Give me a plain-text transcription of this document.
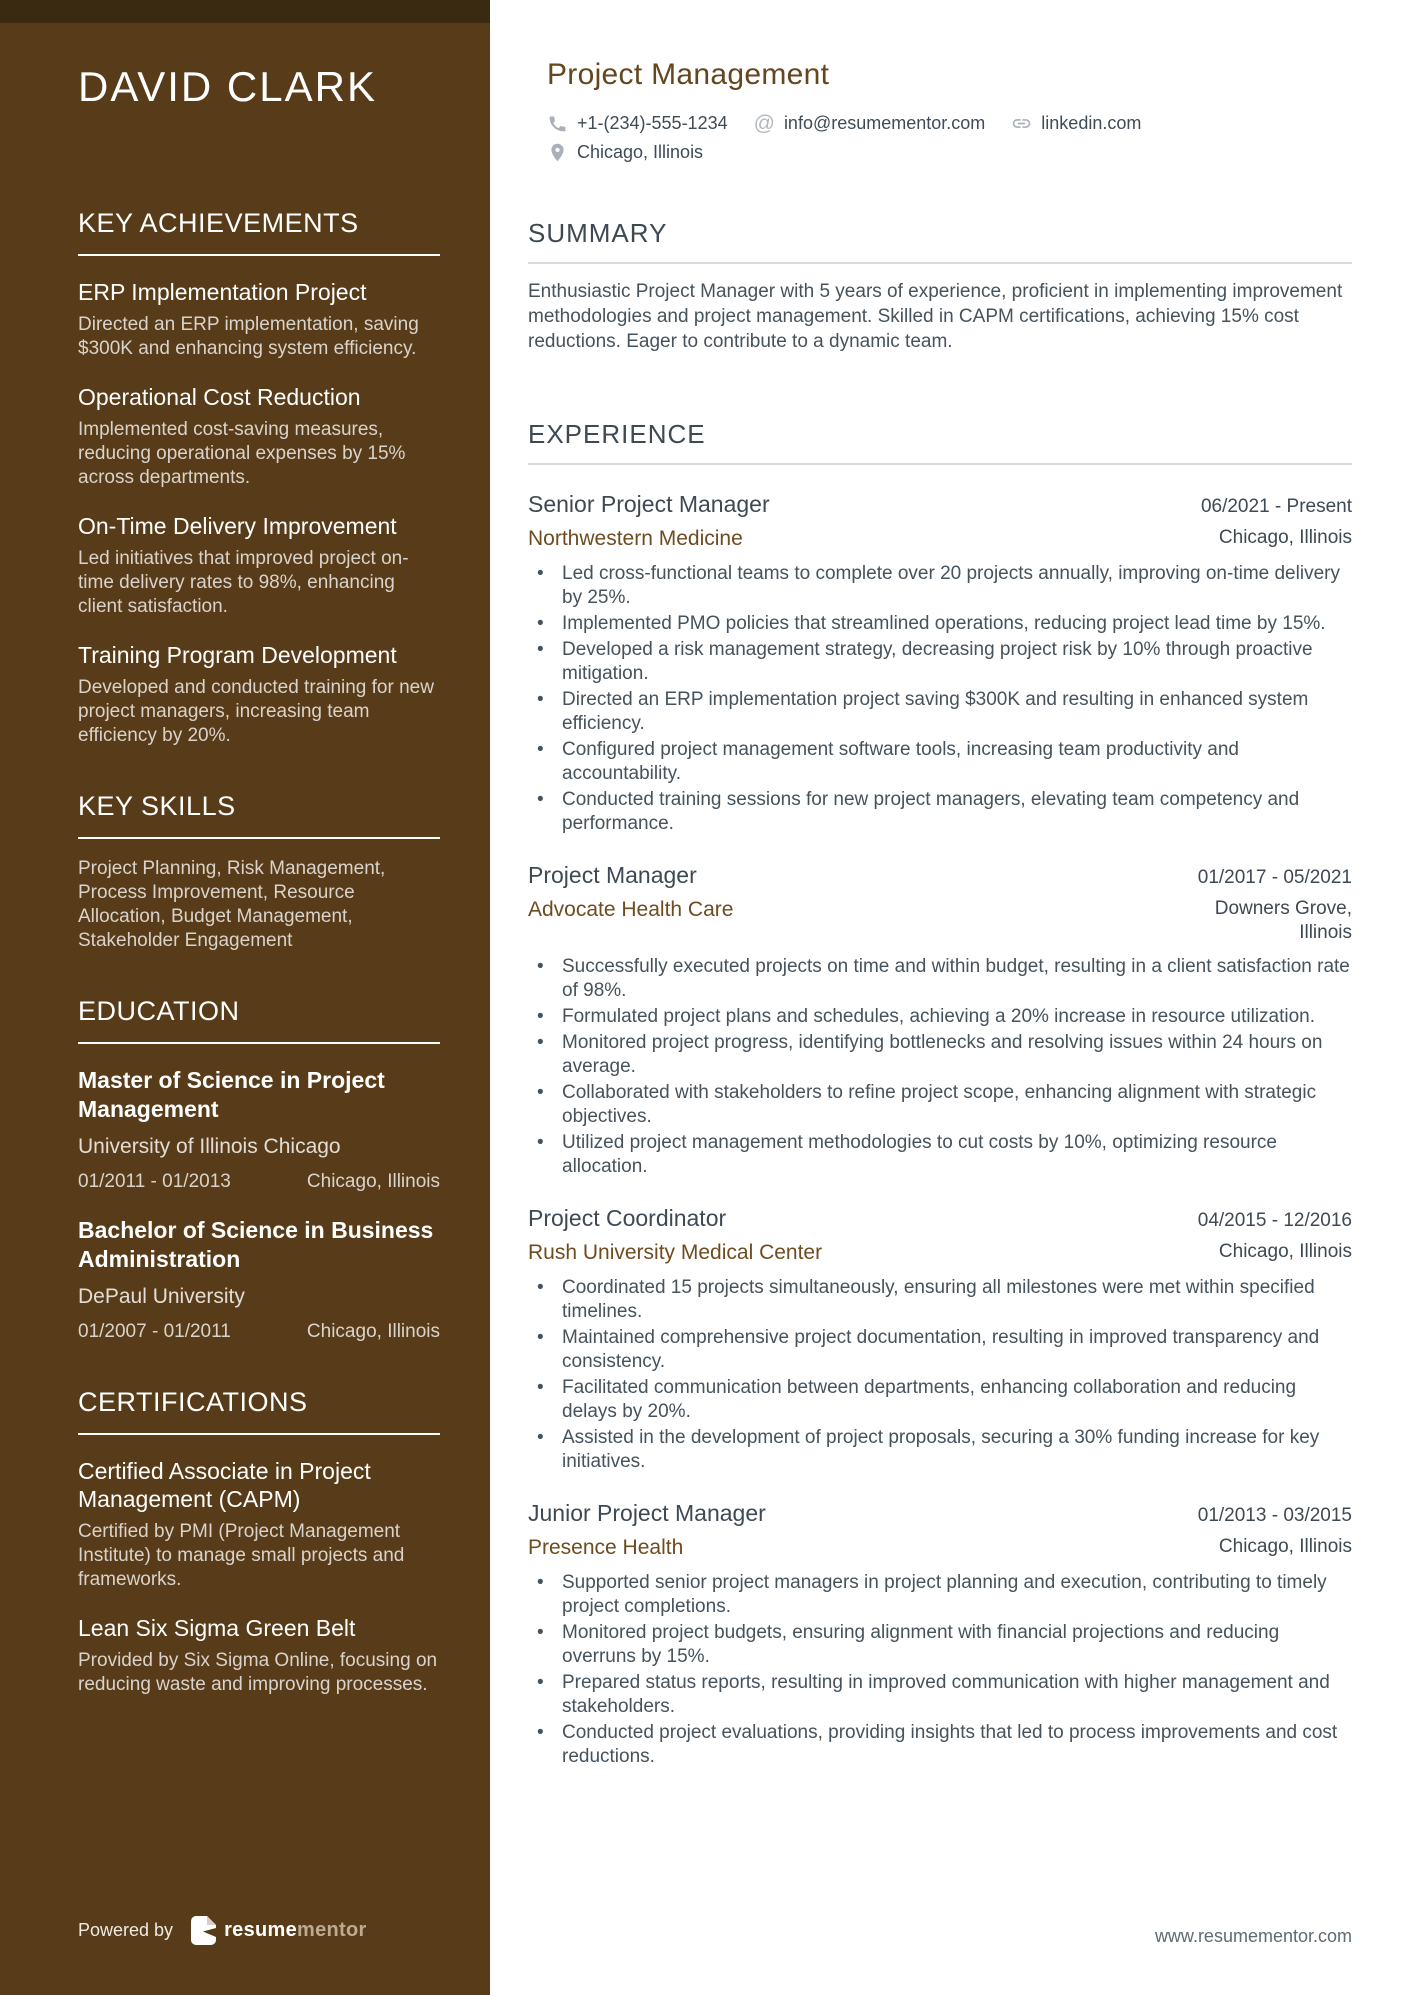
DAVID CLARK
KEY ACHIEVEMENTS
ERP Implementation Project

Directed an ERP implementation, saving $300K and enhancing system efficiency.

Operational Cost Reduction

Implemented cost-saving measures, reducing operational expenses by 15% across departments.

On-Time Delivery Improvement

Led initiatives that improved project on-time delivery rates to 98%, enhancing client satisfaction.

Training Program Development

Developed and conducted training for new project managers, increasing team efficiency by 20%.

KEY SKILLS

Project Planning, Risk Management, Process Improvement, Resource Allocation, Budget Management, Stakeholder Engagement

EDUCATION
Master of Science in Project Management
University of Illinois Chicago
01/2011 - 01/2013	Chicago, Illinois
Bachelor of Science in Business Administration
DePaul University
01/2007 - 01/2011	Chicago, Illinois
CERTIFICATIONS
Certified Associate in Project Management (CAPM)

Certified by PMI (Project Management Institute) to manage small projects and frameworks.

Lean Six Sigma Green Belt

Provided by Six Sigma Online, focusing on reducing waste and improving processes.

Powered by	resumementor
Project Management
+1-(234)-555-1234 @	info@resumementor.com	linkedin.com
Chicago, Illinois
SUMMARY

Enthusiastic Project Manager with 5 years of experience, proficient in implementing improvement methodologies and project management. Skilled in CAPM certifications, achieving 15% cost reductions. Eager to contribute to a dynamic team.

EXPERIENCE
Senior Project Manager	06/2021 - Present
Northwestern Medicine	Chicago, Illinois
• Led cross-functional teams to complete over 20 projects annually, improving on-time delivery by 25%.
• Implemented PMO policies that streamlined operations, reducing project lead time by 15%.
• Developed a risk management strategy, decreasing project risk by 10% through proactive mitigation.
• Directed an ERP implementation project saving $300K and resulting in enhanced system efficiency.
• Configured project management software tools, increasing team productivity and accountability.
• Conducted training sessions for new project managers, elevating team competency and performance.
Project Manager	01/2017 - 05/2021
Advocate Health Care	Downers Grove, Illinois
• Successfully executed projects on time and within budget, resulting in a client satisfaction rate of 98%.
• Formulated project plans and schedules, achieving a 20% increase in resource utilization.
• Monitored project progress, identifying bottlenecks and resolving issues within 24 hours on average.
• Collaborated with stakeholders to refine project scope, enhancing alignment with strategic objectives.
• Utilized project management methodologies to cut costs by 10%, optimizing resource allocation.
Project Coordinator	04/2015 - 12/2016
Rush University Medical Center	Chicago, Illinois
• Coordinated 15 projects simultaneously, ensuring all milestones were met within specified timelines.
• Maintained comprehensive project documentation, resulting in improved transparency and consistency.
• Facilitated communication between departments, enhancing collaboration and reducing delays by 20%.
• Assisted in the development of project proposals, securing a 30% funding increase for key initiatives.
Junior Project Manager	01/2013 - 03/2015
Presence Health	Chicago, Illinois
• Supported senior project managers in project planning and execution, contributing to timely project completions.
• Monitored project budgets, ensuring alignment with financial projections and reducing overruns by 15%.
• Prepared status reports, resulting in improved communication with higher management and stakeholders.
• Conducted project evaluations, providing insights that led to process improvements and cost reductions.
www.resumementor.com
